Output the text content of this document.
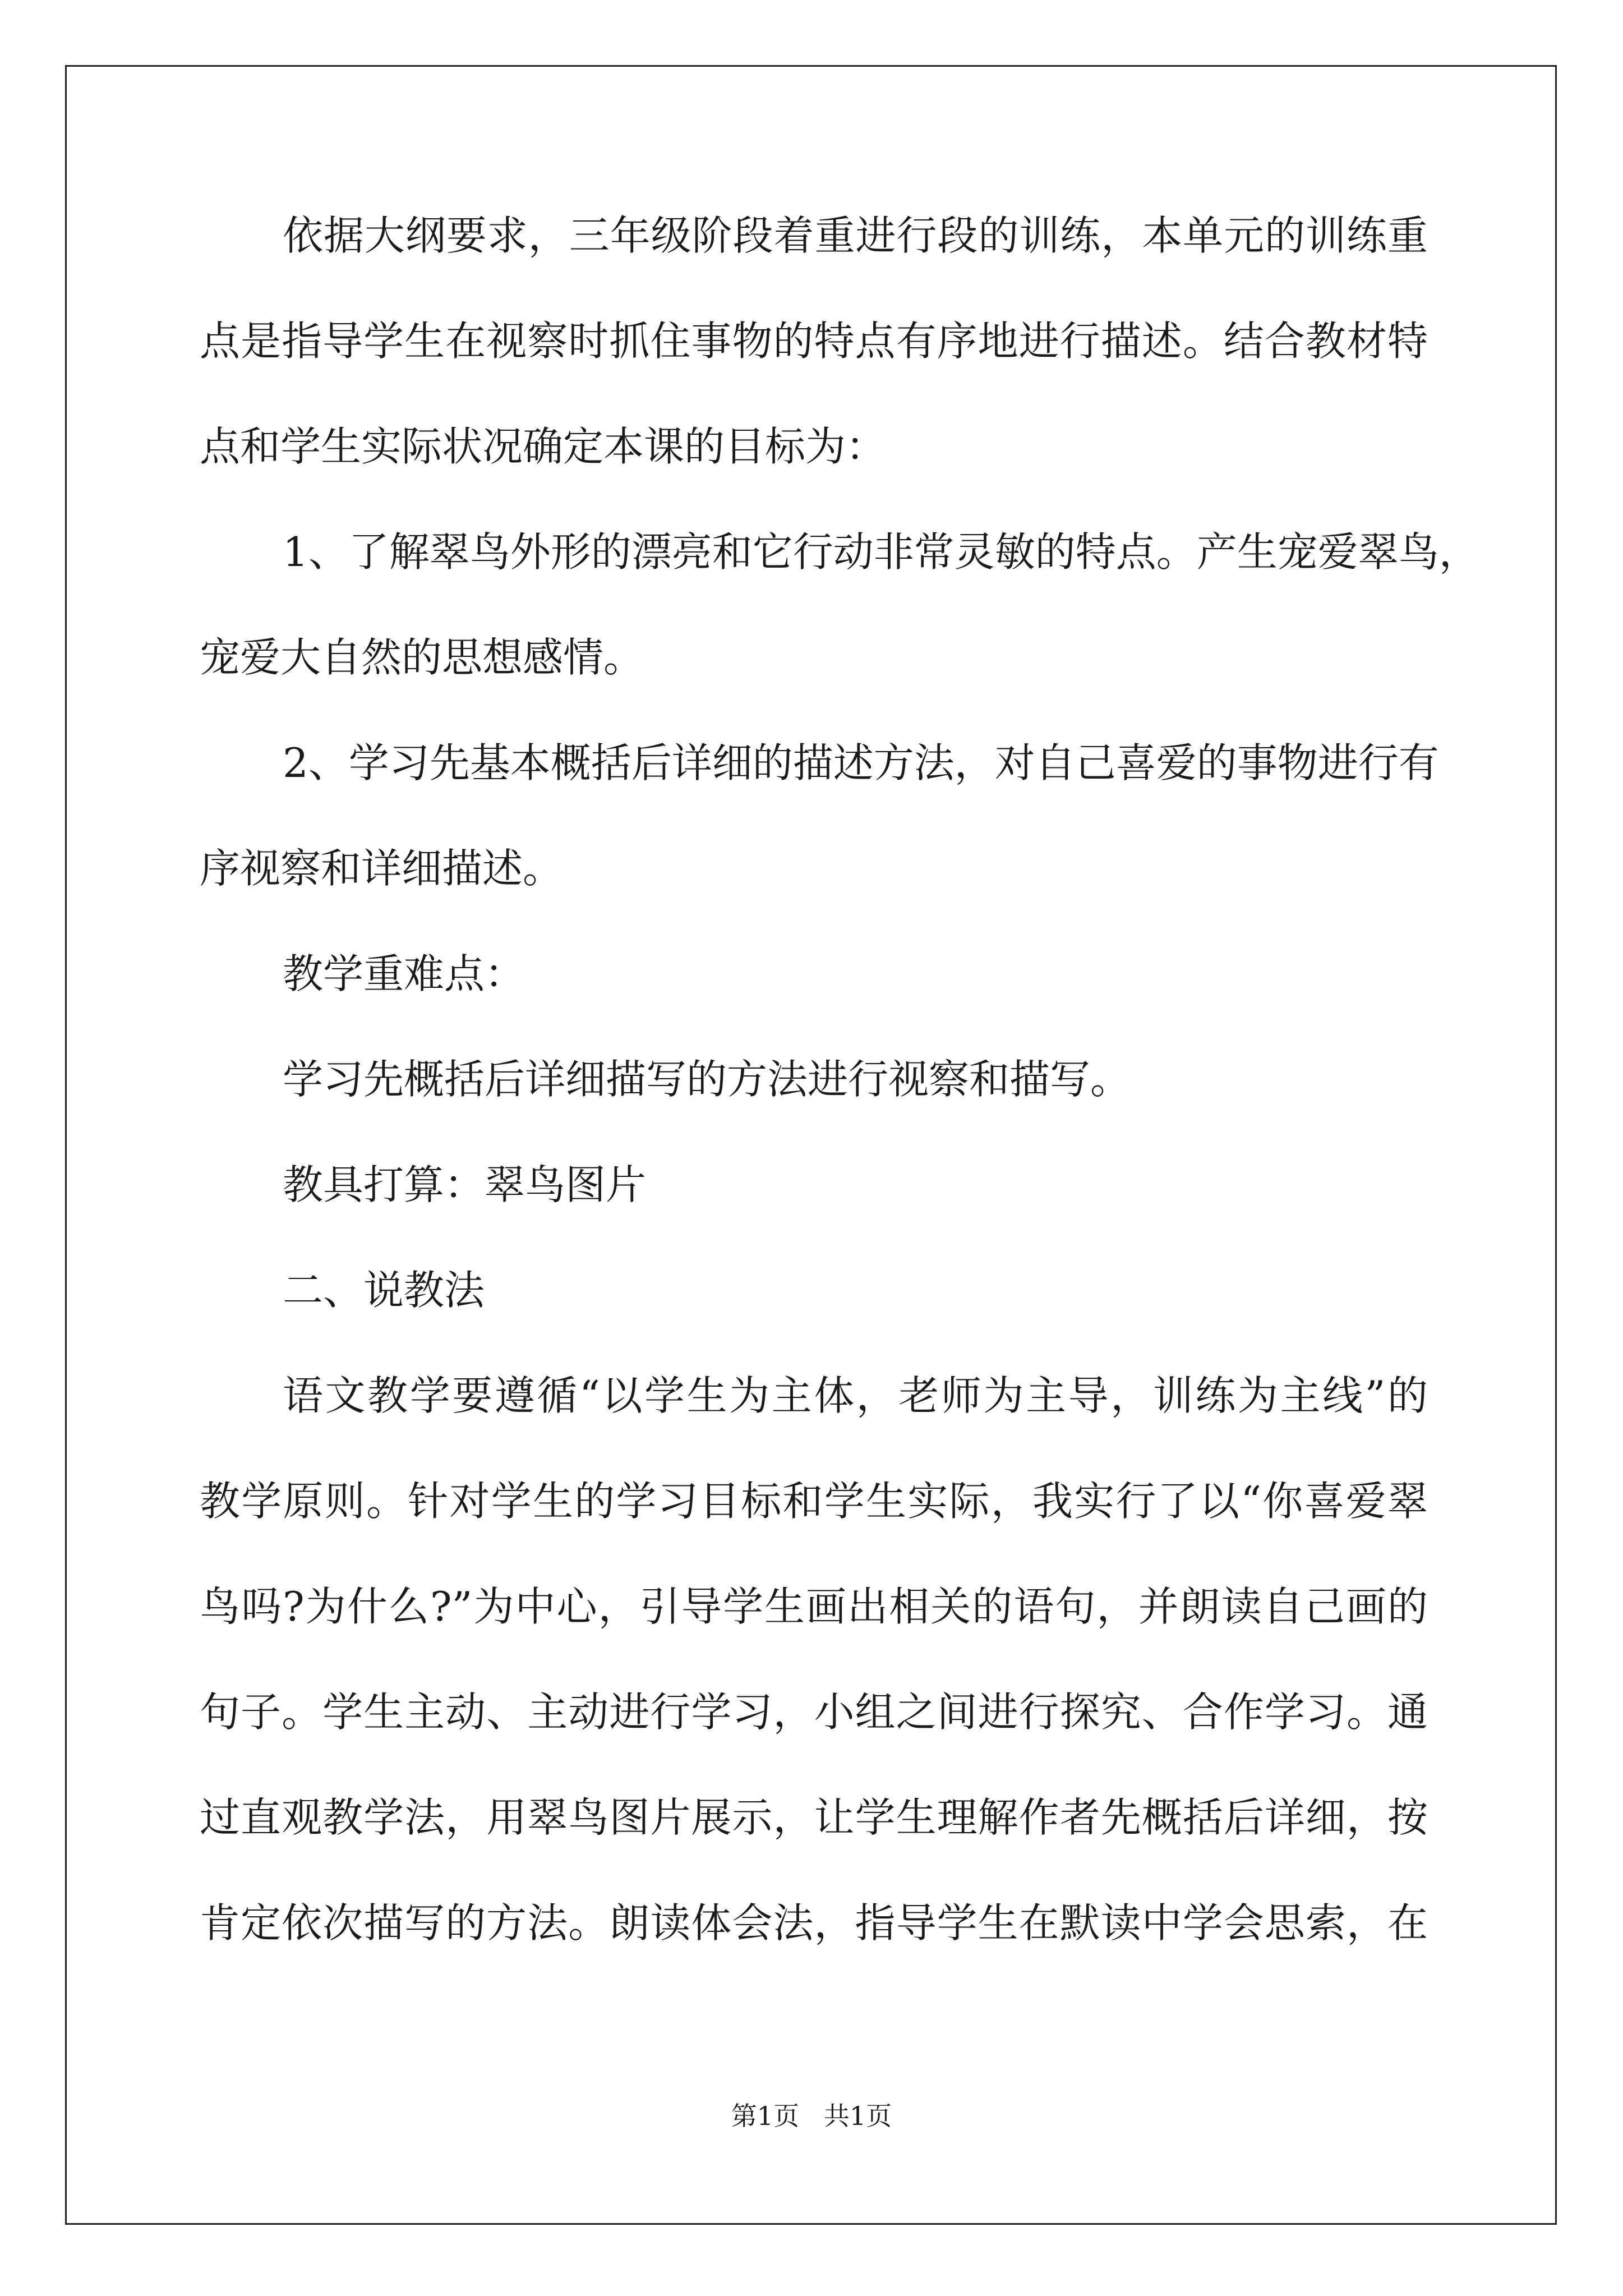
依据大纲要求，三年级阶段着重进行段的训练，本单元的训练重
点是指导学生在视察时抓住事物的特点有序地进行描述。结合教材特
点和学生实际状况确定本课的目标为：
1、了解翠鸟外形的漂亮和它行动非常灵敏的特点。产生宠爱翠鸟，
宠爱大自然的思想感情。
2、学习先基本概括后详细的描述方法，对自己喜爱的事物进行有
序视察和详细描述。
教学重难点：
学习先概括后详细描写的方法进行视察和描写。
教具打算：翠鸟图片
二、说教法
语文教学要遵循“以学生为主体，老师为主导，训练为主线”的
教学原则。针对学生的学习目标和学生实际，我实行了以“你喜爱翠
鸟吗?为什么?”为中心，引导学生画出相关的语句，并朗读自己画的
句子。学生主动、主动进行学习，小组之间进行探究、合作学习。通
过直观教学法，用翠鸟图片展示，让学生理解作者先概括后详细，按
肯定依次描写的方法。朗读体会法，指导学生在默读中学会思索，在
第1页   共1页
